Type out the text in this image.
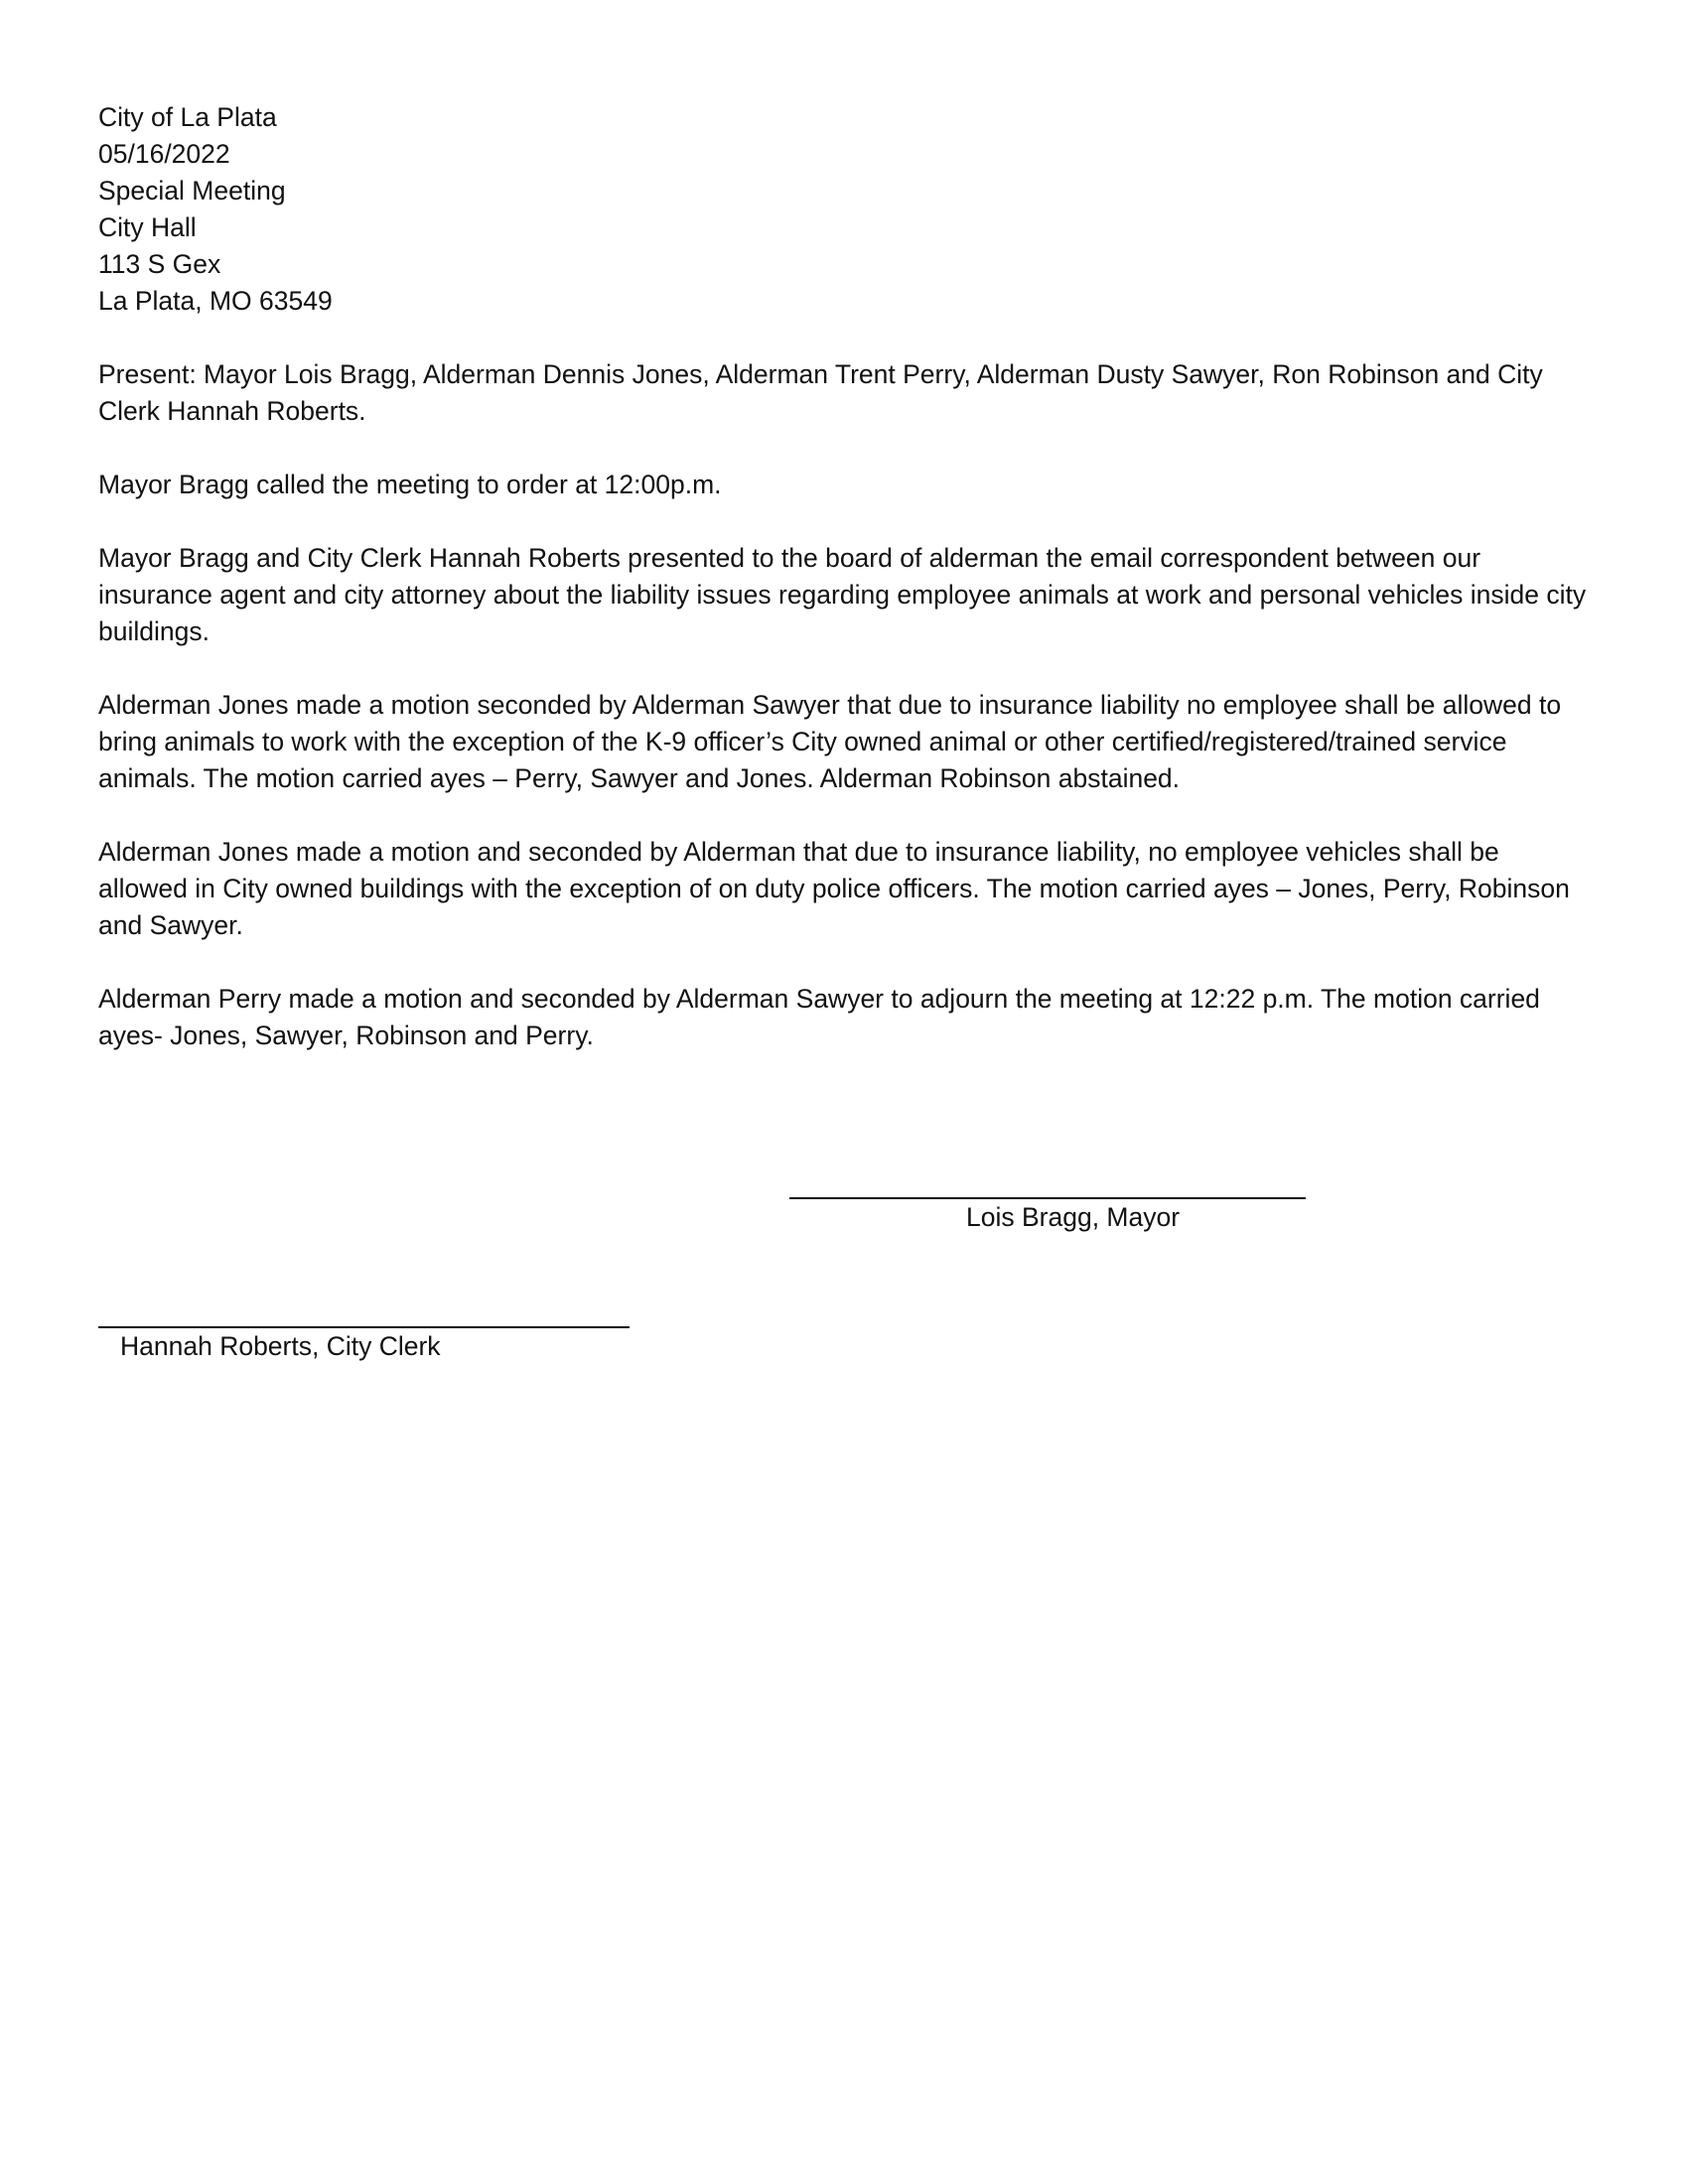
City of La Plata
05/16/2022
Special Meeting
City Hall
113 S Gex
La Plata, MO 63549

Present: Mayor Lois Bragg, Alderman Dennis Jones, Alderman Trent Perry, Alderman Dusty Sawyer, Ron Robinson and City Clerk Hannah Roberts.

Mayor Bragg called the meeting to order at 12:00p.m.

Mayor Bragg and City Clerk Hannah Roberts presented to the board of alderman the email correspondent between our insurance agent and city attorney about the liability issues regarding employee animals at work and personal vehicles inside city buildings.

Alderman Jones made a motion seconded by Alderman Sawyer that due to insurance liability no employee shall be allowed to bring animals to work with the exception of the K-9 officer’s City owned animal or other certified/registered/trained service animals. The motion carried ayes – Perry, Sawyer and Jones. Alderman Robinson abstained.

Alderman Jones made a motion and seconded by Alderman that due to insurance liability, no employee vehicles shall be allowed in City owned buildings with the exception of on duty police officers. The motion carried ayes – Jones, Perry, Robinson and Sawyer.

Alderman Perry made a motion and seconded by Alderman Sawyer to adjourn the meeting at 12:22 p.m. The motion carried ayes- Jones, Sawyer, Robinson and Perry.

Lois Bragg, Mayor
Hannah Roberts, City Clerk
